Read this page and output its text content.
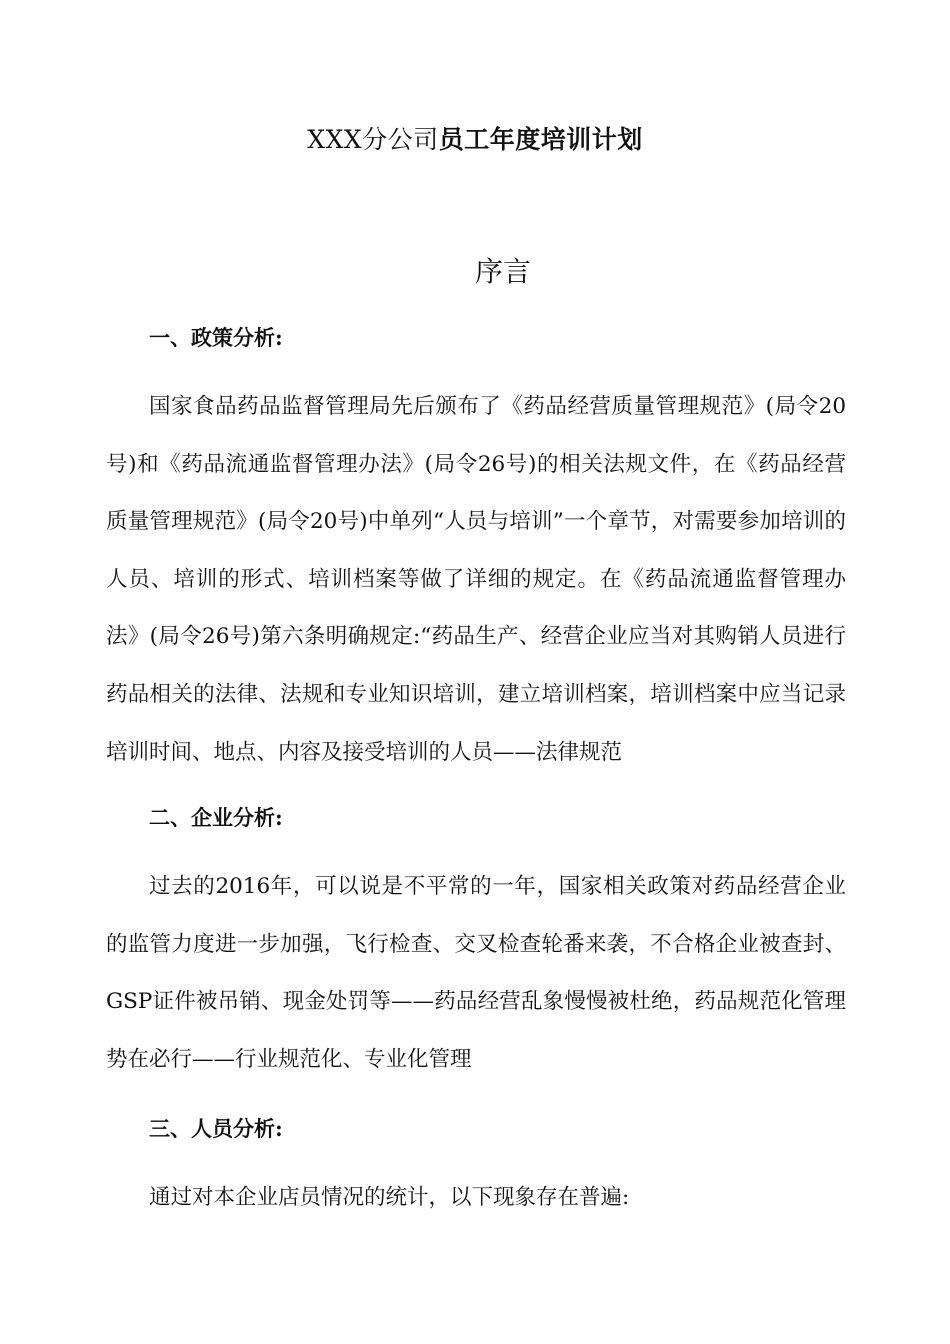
XXX分公司员工年度培训计划
序言
一、政策分析:

国家食品药品监督管理局先后颁布了《药品经营质量管理规范》(局令20号)和《药品流通监督管理办法》(局令26号)的相关法规文件，在《药品经营质量管理规范》(局令20号)中单列“人员与培训”一个章节，对需要参加培训的人员、培训的形式、培训档案等做了详细的规定。在《药品流通监督管理办法》(局令26号)第六条明确规定:“药品生产、经营企业应当对其购销人员进行药品相关的法律、法规和专业知识培训，建立培训档案，培训档案中应当记录培训时间、地点、内容及接受培训的人员——法律规范

二、企业分析:

过去的2016年，可以说是不平常的一年，国家相关政策对药品经营企业的监管力度进一步加强，飞行检查、交叉检查轮番来袭，不合格企业被查封、GSP证件被吊销、现金处罚等——药品经营乱象慢慢被杜绝，药品规范化管理势在必行——行业规范化、专业化管理

三、人员分析:

通过对本企业店员情况的统计，以下现象存在普遍:
